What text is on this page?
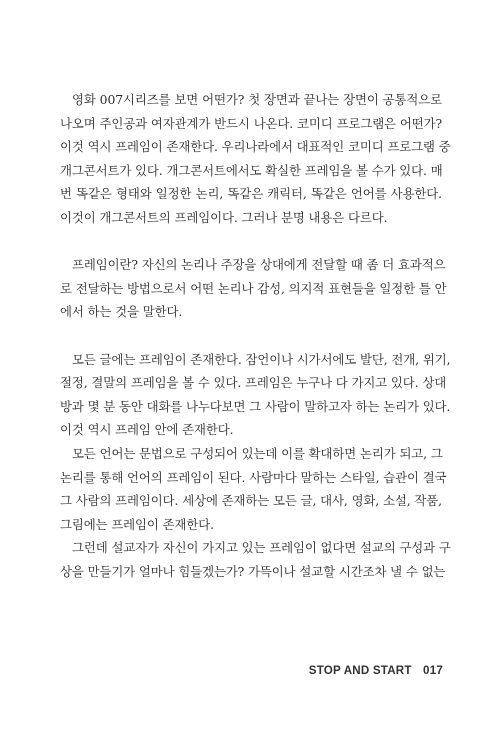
영화 007시리즈를 보면 어떤가? 첫 장면과 끝나는 장면이 공통적으로
나오며 주인공과 여자관계가 반드시 나온다. 코미디 프로그램은 어떤가?
이것 역시 프레임이 존재한다. 우리나라에서 대표적인 코미디 프로그램 중
개그콘서트가 있다. 개그콘서트에서도 확실한 프레임을 볼 수가 있다. 매
번 똑같은 형태와 일정한 논리, 똑같은 캐릭터, 똑같은 언어를 사용한다.
이것이 개그콘서트의 프레임이다. 그러나 분명 내용은 다르다.
프레임이란? 자신의 논리나 주장을 상대에게 전달할 때 좀 더 효과적으
로 전달하는 방법으로서 어떤 논리나 감성, 의지적 표현들을 일정한 틀 안
에서 하는 것을 말한다.
모든 글에는 프레임이 존재한다. 잠언이나 시가서에도 발단, 전개, 위기,
절정, 결말의 프레임을 볼 수 있다. 프레임은 누구나 다 가지고 있다. 상대
방과 몇 분 동안 대화를 나누다보면 그 사람이 말하고자 하는 논리가 있다.
이것 역시 프레임 안에 존재한다.
모든 언어는 문법으로 구성되어 있는데 이를 확대하면 논리가 되고, 그
논리를 통해 언어의 프레임이 된다. 사람마다 말하는 스타일, 습관이 결국
그 사람의 프레임이다. 세상에 존재하는 모든 글, 대사, 영화, 소설, 작품,
그림에는 프레임이 존재한다.
그런데 설교자가 자신이 가지고 있는 프레임이 없다면 설교의 구성과 구
상을 만들기가 얼마나 힘들겠는가? 가뜩이나 설교할 시간조차 낼 수 없는
STOP AND START 017
